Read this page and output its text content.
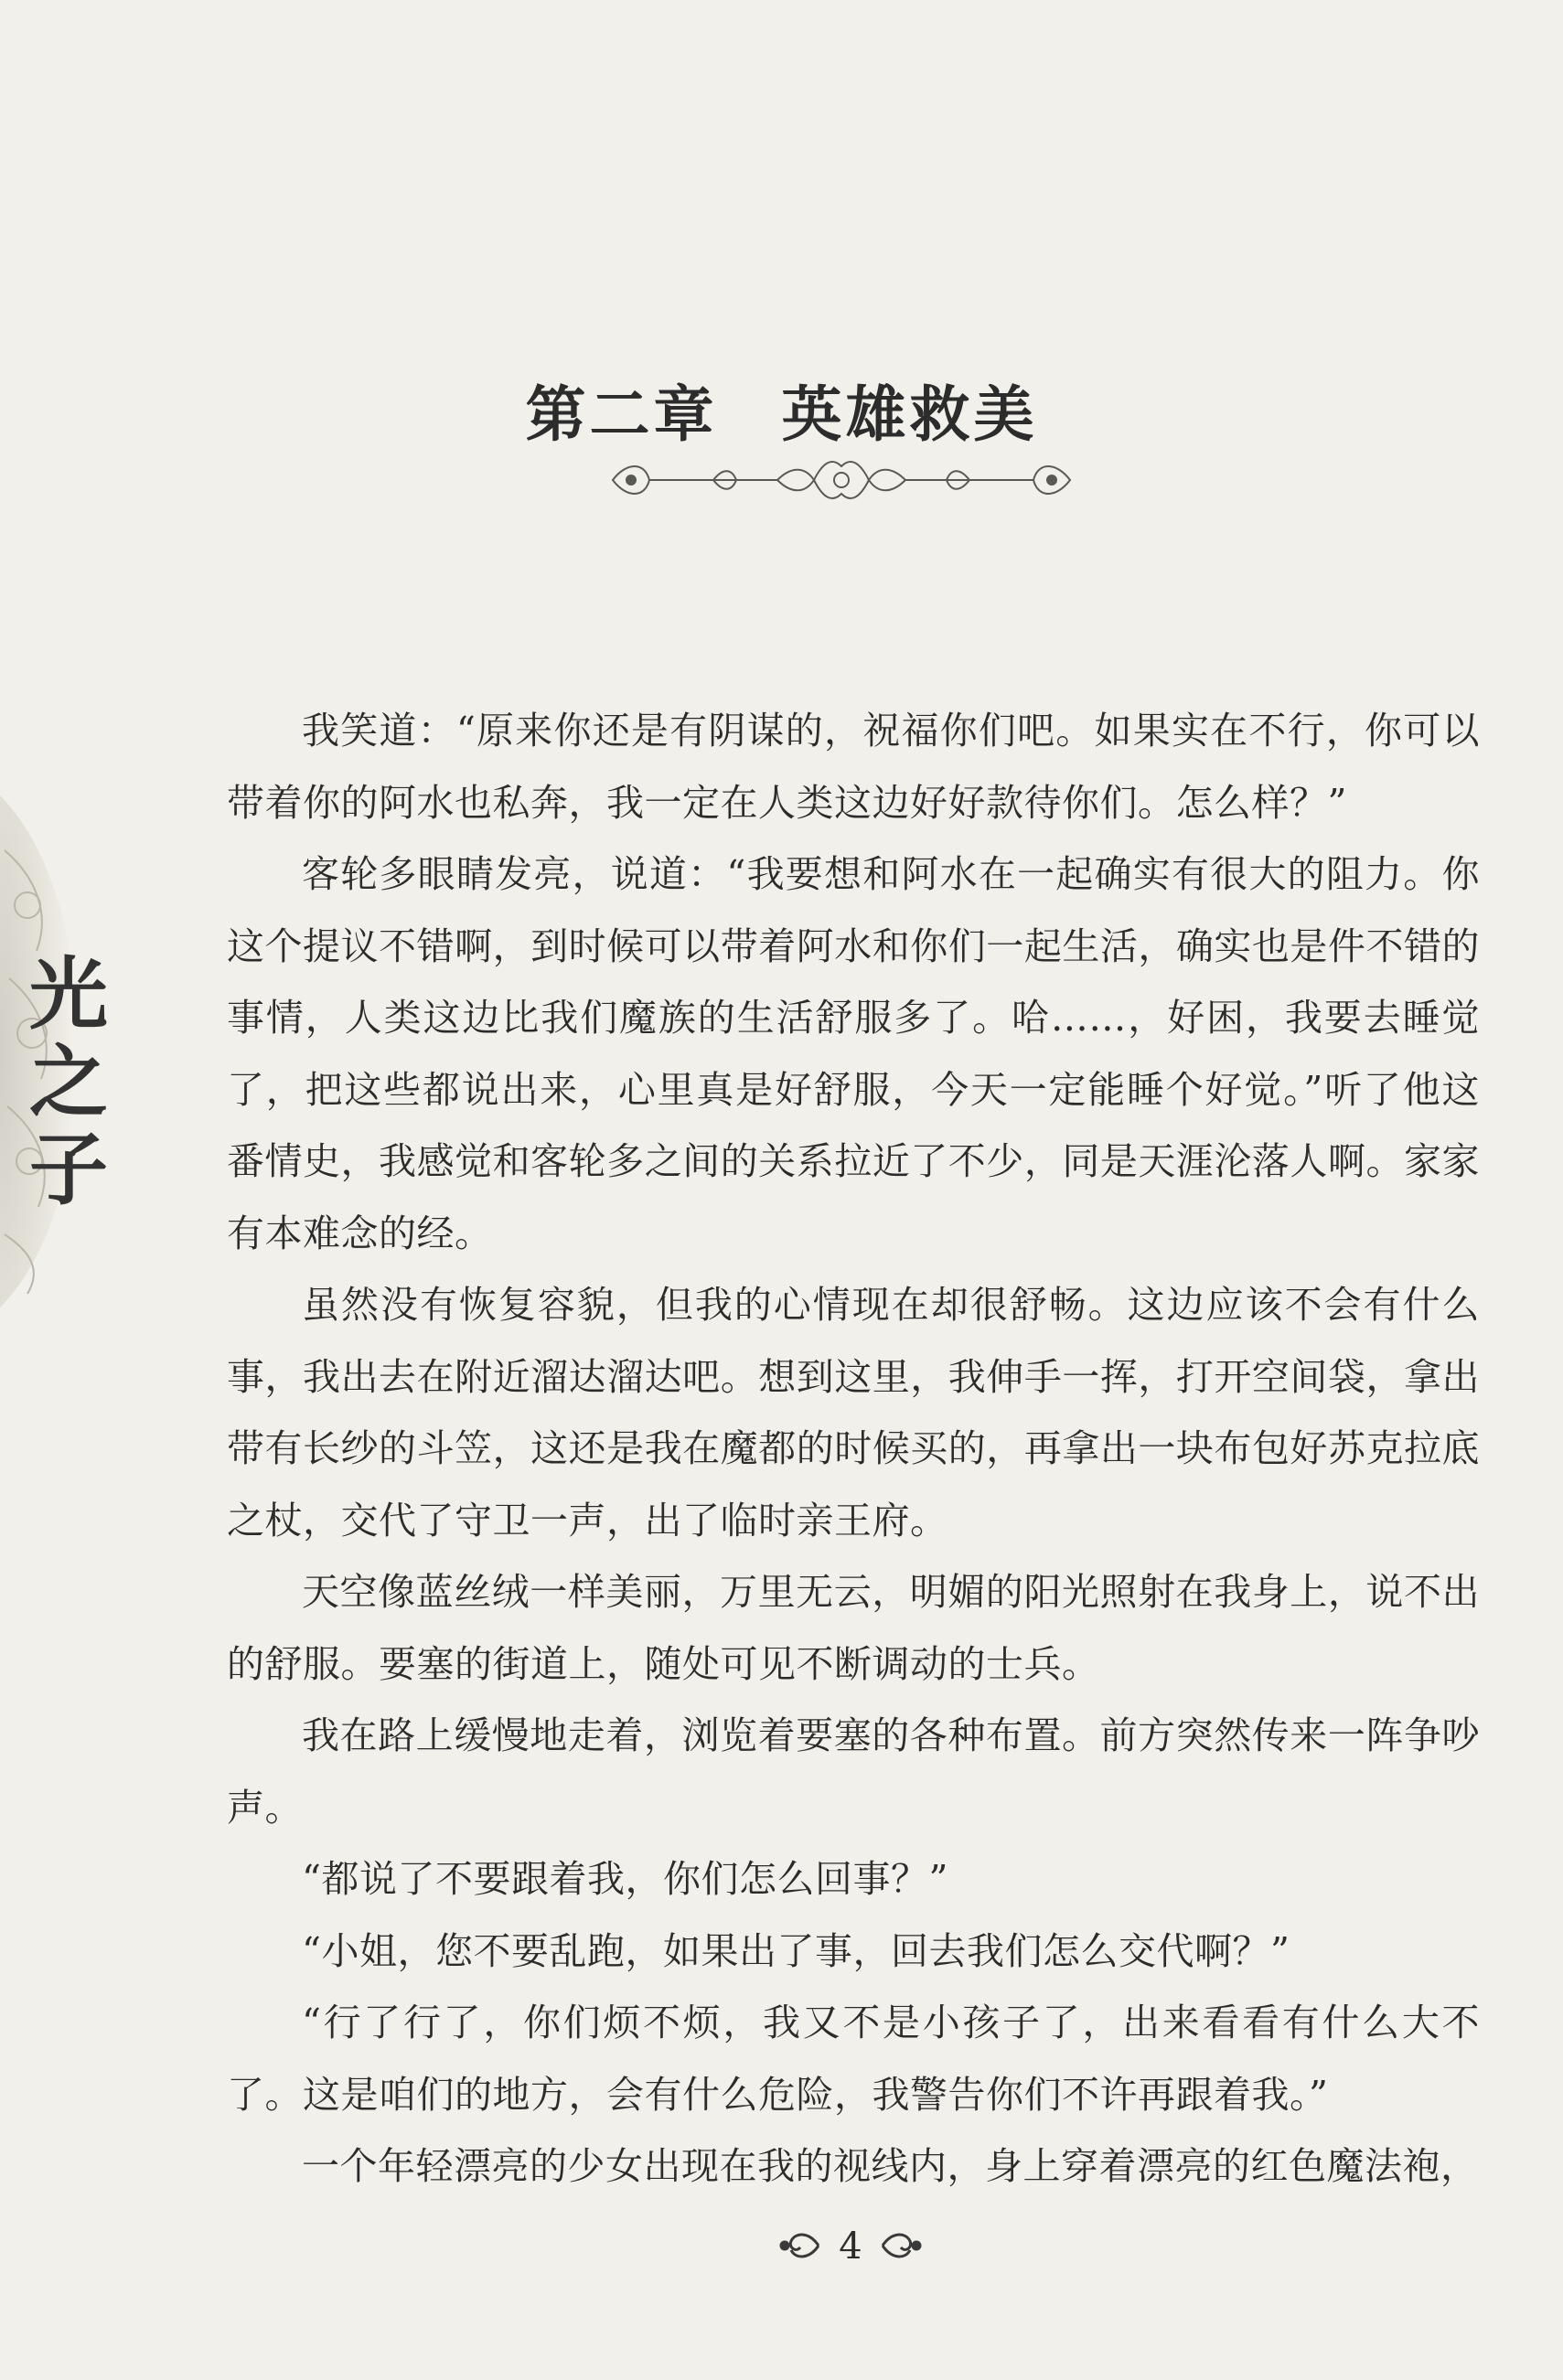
光
之
子
第二章　英雄救美

我笑道：“原来你还是有阴谋的，祝福你们吧。如果实在不行，你可以带着你的阿水也私奔，我一定在人类这边好好款待你们。怎么样？”

客轮多眼睛发亮，说道：“我要想和阿水在一起确实有很大的阻力。你这个提议不错啊，到时候可以带着阿水和你们一起生活，确实也是件不错的事情，人类这边比我们魔族的生活舒服多了。哈……，好困，我要去睡觉了，把这些都说出来，心里真是好舒服，今天一定能睡个好觉。”听了他这番情史，我感觉和客轮多之间的关系拉近了不少，同是天涯沦落人啊。家家有本难念的经。

虽然没有恢复容貌，但我的心情现在却很舒畅。这边应该不会有什么事，我出去在附近溜达溜达吧。想到这里，我伸手一挥，打开空间袋，拿出带有长纱的斗笠，这还是我在魔都的时候买的，再拿出一块布包好苏克拉底之杖，交代了守卫一声，出了临时亲王府。

天空像蓝丝绒一样美丽，万里无云，明媚的阳光照射在我身上，说不出的舒服。要塞的街道上，随处可见不断调动的士兵。

我在路上缓慢地走着，浏览着要塞的各种布置。前方突然传来一阵争吵声。

“都说了不要跟着我，你们怎么回事？”

“小姐，您不要乱跑，如果出了事，回去我们怎么交代啊？”

“行了行了，你们烦不烦，我又不是小孩子了，出来看看有什么大不了。这是咱们的地方，会有什么危险，我警告你们不许再跟着我。”

一个年轻漂亮的少女出现在我的视线内，身上穿着漂亮的红色魔法袍，

4
